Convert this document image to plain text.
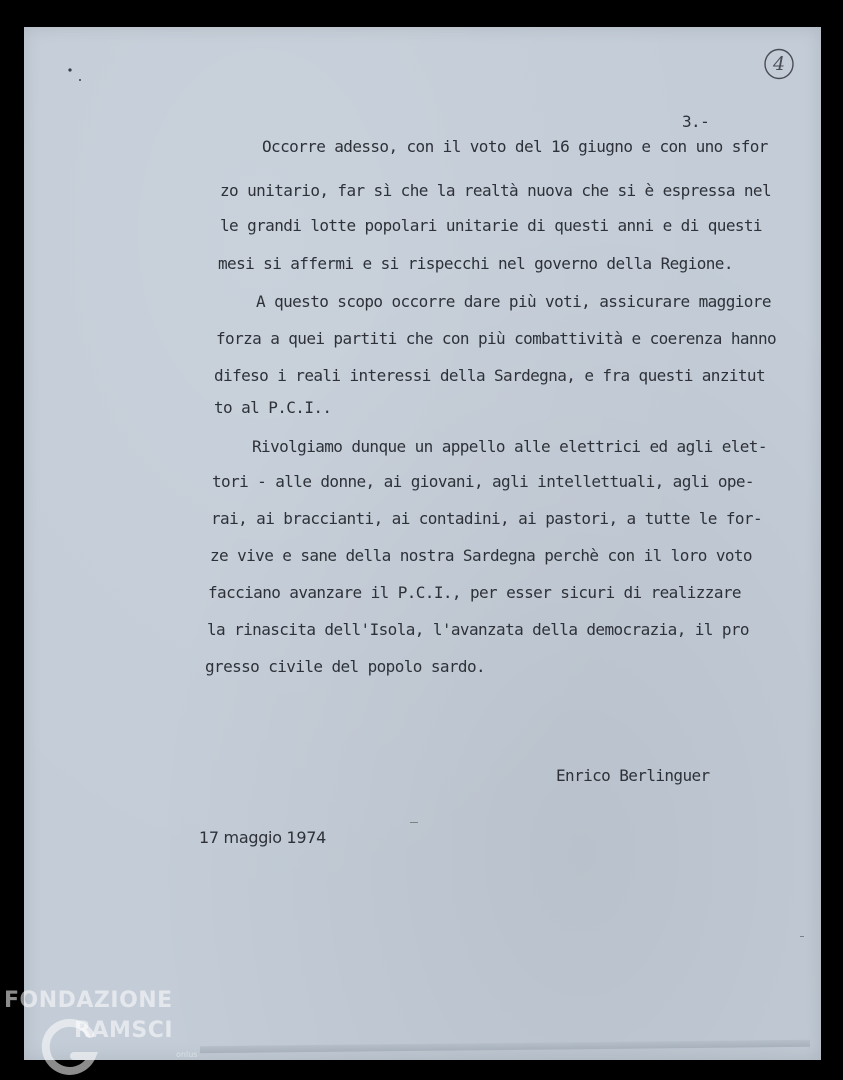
4
3.-
Occorre adesso, con il voto del 16 giugno e con uno sfor
zo unitario, far sì che la realtà nuova che si è espressa nel
le grandi lotte popolari unitarie di questi anni e di questi
mesi si affermi e si rispecchi nel governo della Regione.
A questo scopo occorre dare più voti, assicurare maggiore
forza a quei partiti che con più combattività e coerenza hanno
difeso i reali interessi della Sardegna, e fra questi anzitut
to al P.C.I..
Rivolgiamo dunque un appello alle elettrici ed agli elet-
tori - alle donne, ai giovani, agli intellettuali, agli ope-
rai, ai braccianti, ai contadini, ai pastori, a tutte le for-
ze vive e sane della nostra Sardegna perchè con il loro voto
facciano avanzare il P.C.I., per esser sicuri di realizzare
la rinascita dell'Isola, l'avanzata della democrazia, il pro
gresso civile del popolo sardo.
Enrico Berlinguer
17 maggio 1974
FONDAZIONE
RAMSCI
onlus
